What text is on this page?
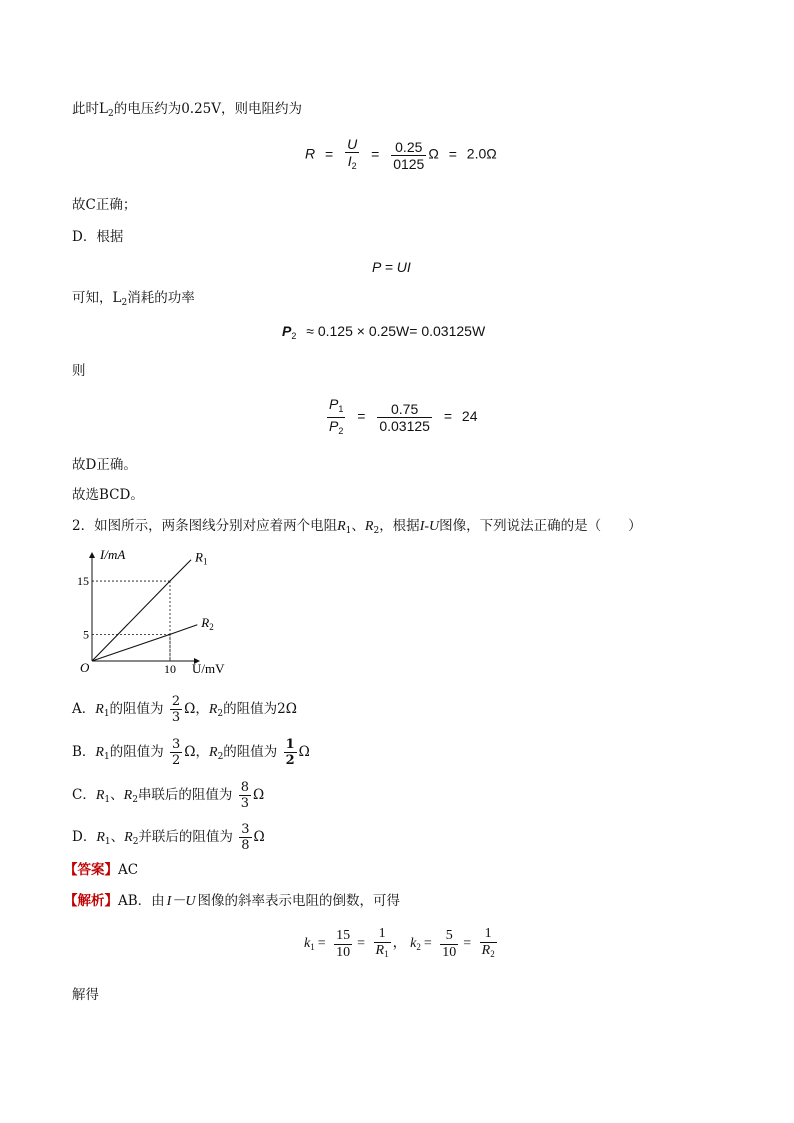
此时$L_2$的电压约为0.25V，则电阻约为
$R = \frac{U}{I_2} = \frac{0.25}{0125}$ Ω = 2.0Ω
故C正确；
D．根据
P = UI
可知，$L_2$消耗的功率
$P_2 \approx 0.125 \times 0.25W= 0.03125W$
则
$\frac{P_1}{P_2} = \frac{0.75}{0.03125} = 24$
故D正确。
故选BCD。
2．如图所示，两条图线分别对应着两个电阻$R_1$、$R_2$，根据I-U图像，下列说法正确的是（　　）
$R_1$
$R_2$
I/mA
U/mV
O
15
5
10
A．$R_1$的阻值为 $\frac{2}{3}$ Ω，$R_2$的阻值为2Ω
B．$R_1$的阻值为 $\frac{3}{2}$ Ω，$R_2$的阻值为 $\frac{1}{2}$ Ω
C．$R_1$、$R_2$串联后的阻值为 $\frac{8}{3}$ Ω
D．$R_1$、$R_2$并联后的阻值为 $\frac{3}{8}$ Ω
【答案】AC
【解析】AB．由 I－U 图像的斜率表示电阻的倒数，可得
$k_1 = \frac{15}{10} = \frac{1}{R_1}$ ， $k_2 = \frac{5}{10} = \frac{1}{R_2}$
解得
